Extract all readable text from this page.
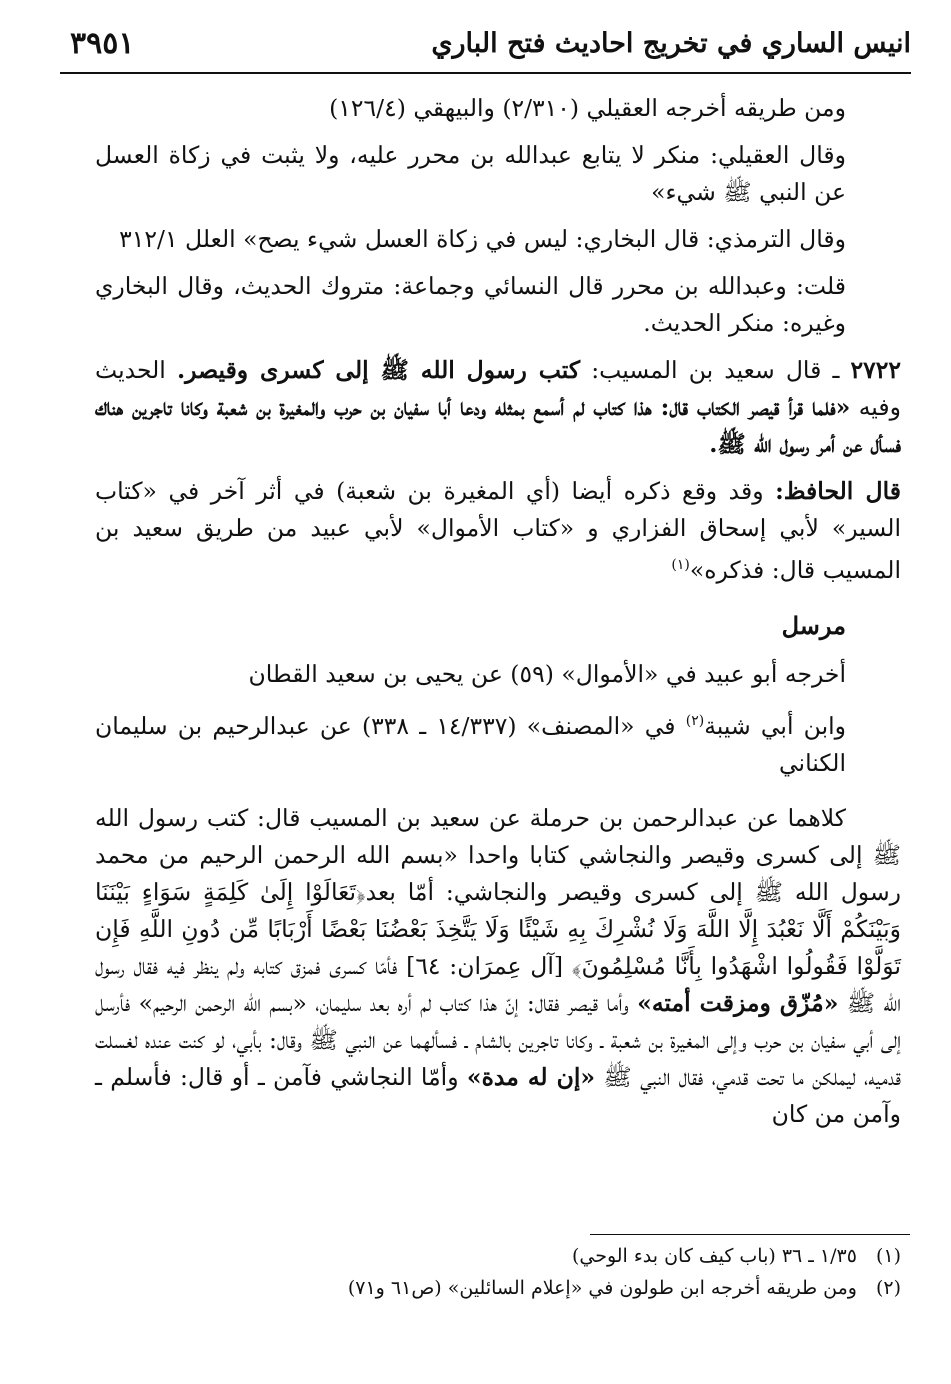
انيس الساري في تخريج احاديث فتح الباري
٣٩٥١

ومن طريقه أخرجه العقيلي (٢/٣١٠) والبيهقي (١٢٦/٤)

وقال العقيلي: منكر لا يتابع عبدالله بن محرر عليه، ولا يثبت في زكاة العسل عن النبي ﷺ شيء»

وقال الترمذي: قال البخاري: ليس في زكاة العسل شيء يصح» العلل ٣١٢/١

قلت: وعبدالله بن محرر قال النسائي وجماعة: متروك الحديث، وقال البخاري وغيره: منكر الحديث.

٢٧٢٢ ـ قال سعيد بن المسيب: كتب رسول الله ﷺ إلى كسرى وقيصر. الحديث وفيه «فلما قرأ قيصر الكتاب قال: هذا كتاب لم أسمع بمثله ودعا أبا سفيان بن حرب والمغيرة بن شعبة وكانا تاجرين هناك فسأل عن أمر رسول الله ﷺ.

قال الحافظ: وقد وقع ذكره أيضا (أي المغيرة بن شعبة) في أثر آخر في «كتاب السير» لأبي إسحاق الفزاري و «كتاب الأموال» لأبي عبيد من طريق سعيد بن المسيب قال: فذكره»$^{(١)}$

مرسل

أخرجه أبو عبيد في «الأموال» (٥٩) عن يحيى بن سعيد القطان

وابن أبي شيبة$^{(٢)}$ في «المصنف» (١٤/٣٣٧ ـ ٣٣٨) عن عبدالرحيم بن سليمان الكناني

كلاهما عن عبدالرحمن بن حرملة عن سعيد بن المسيب قال: كتب رسول الله ﷺ إلى كسرى وقيصر والنجاشي كتابا واحدا «بسم الله الرحمن الرحيم من محمد رسول الله ﷺ إلى كسرى وقيصر والنجاشي: أمّا بعد﴿تَعَالَوْا إِلَىٰ كَلِمَةٍ سَوَاءٍ بَيْنَنَا وَبَيْنَكُمْ أَلَّا نَعْبُدَ إِلَّا اللَّهَ وَلَا نُشْرِكَ بِهِ شَيْئًا وَلَا يَتَّخِذَ بَعْضُنَا بَعْضًا أَرْبَابًا مِّن دُونِ اللَّهِ فَإِن تَوَلَّوْا فَقُولُوا اشْهَدُوا بِأَنَّا مُسْلِمُونَ﴾ [آل عِمرَان: ٦٤] فأمّا كسرى فمزق كتابه ولم ينظر فيه فقال رسول الله ﷺ «مُزّق ومزقت أمته» وأما قيصر فقال: إنّ هذا كتاب لم أره بعد سليمان، «بسم الله الرحمن الرحيم» فأرسل إلى أبي سفيان بن حرب وإلى المغيرة بن شعبة ـ وكانا تاجرين بالشام ـ فسألهما عن النبي ﷺ وقال: بأبي، لو كنت عنده لغسلت قدميه، ليملكن ما تحت قدمي، فقال النبي ﷺ «إن له مدة» وأمّا النجاشي فآمن ـ أو قال: فأسلم ـ وآمن من كان

(١) ١/٣٥ ـ ٣٦ (باب كيف كان بدء الوحي)
(٢) ومن طريقه أخرجه ابن طولون في «إعلام السائلين» (ص٦١ و٧١)
